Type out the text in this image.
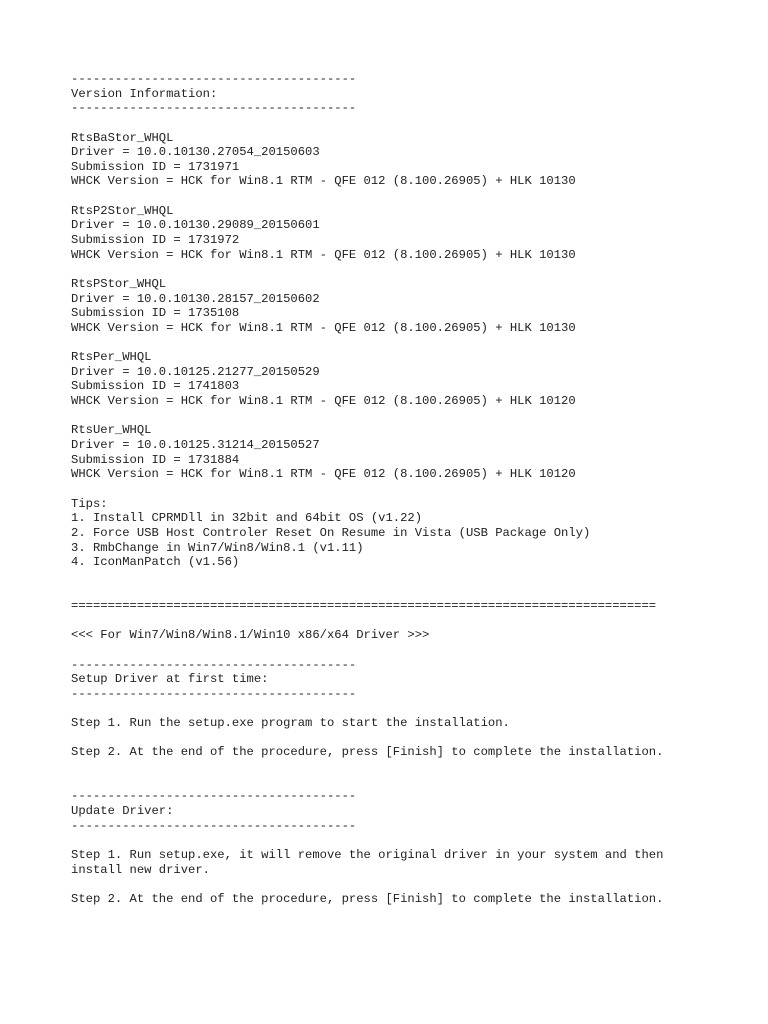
---------------------------------------
Version Information:
---------------------------------------
RtsBaStor_WHQL
Driver = 10.0.10130.27054_20150603
Submission ID = 1731971
WHCK Version = HCK for Win8.1 RTM - QFE 012 (8.100.26905) + HLK 10130
RtsP2Stor_WHQL
Driver = 10.0.10130.29089_20150601
Submission ID = 1731972
WHCK Version = HCK for Win8.1 RTM - QFE 012 (8.100.26905) + HLK 10130
RtsPStor_WHQL
Driver = 10.0.10130.28157_20150602
Submission ID = 1735108
WHCK Version = HCK for Win8.1 RTM - QFE 012 (8.100.26905) + HLK 10130
RtsPer_WHQL
Driver = 10.0.10125.21277_20150529
Submission ID = 1741803
WHCK Version = HCK for Win8.1 RTM - QFE 012 (8.100.26905) + HLK 10120
RtsUer_WHQL
Driver = 10.0.10125.31214_20150527
Submission ID = 1731884
WHCK Version = HCK for Win8.1 RTM - QFE 012 (8.100.26905) + HLK 10120
Tips:
1. Install CPRMDll in 32bit and 64bit OS (v1.22)
2. Force USB Host Controler Reset On Resume in Vista (USB Package Only)
3. RmbChange in Win7/Win8/Win8.1 (v1.11)
4. IconManPatch (v1.56)
================================================================================
<<< For Win7/Win8/Win8.1/Win10 x86/x64 Driver >>>
---------------------------------------
Setup Driver at first time:
---------------------------------------
Step 1. Run the setup.exe program to start the installation.
Step 2. At the end of the procedure, press [Finish] to complete the installation.
---------------------------------------
Update Driver:
---------------------------------------
Step 1. Run setup.exe, it will remove the original driver in your system and then
install new driver.
Step 2. At the end of the procedure, press [Finish] to complete the installation.
